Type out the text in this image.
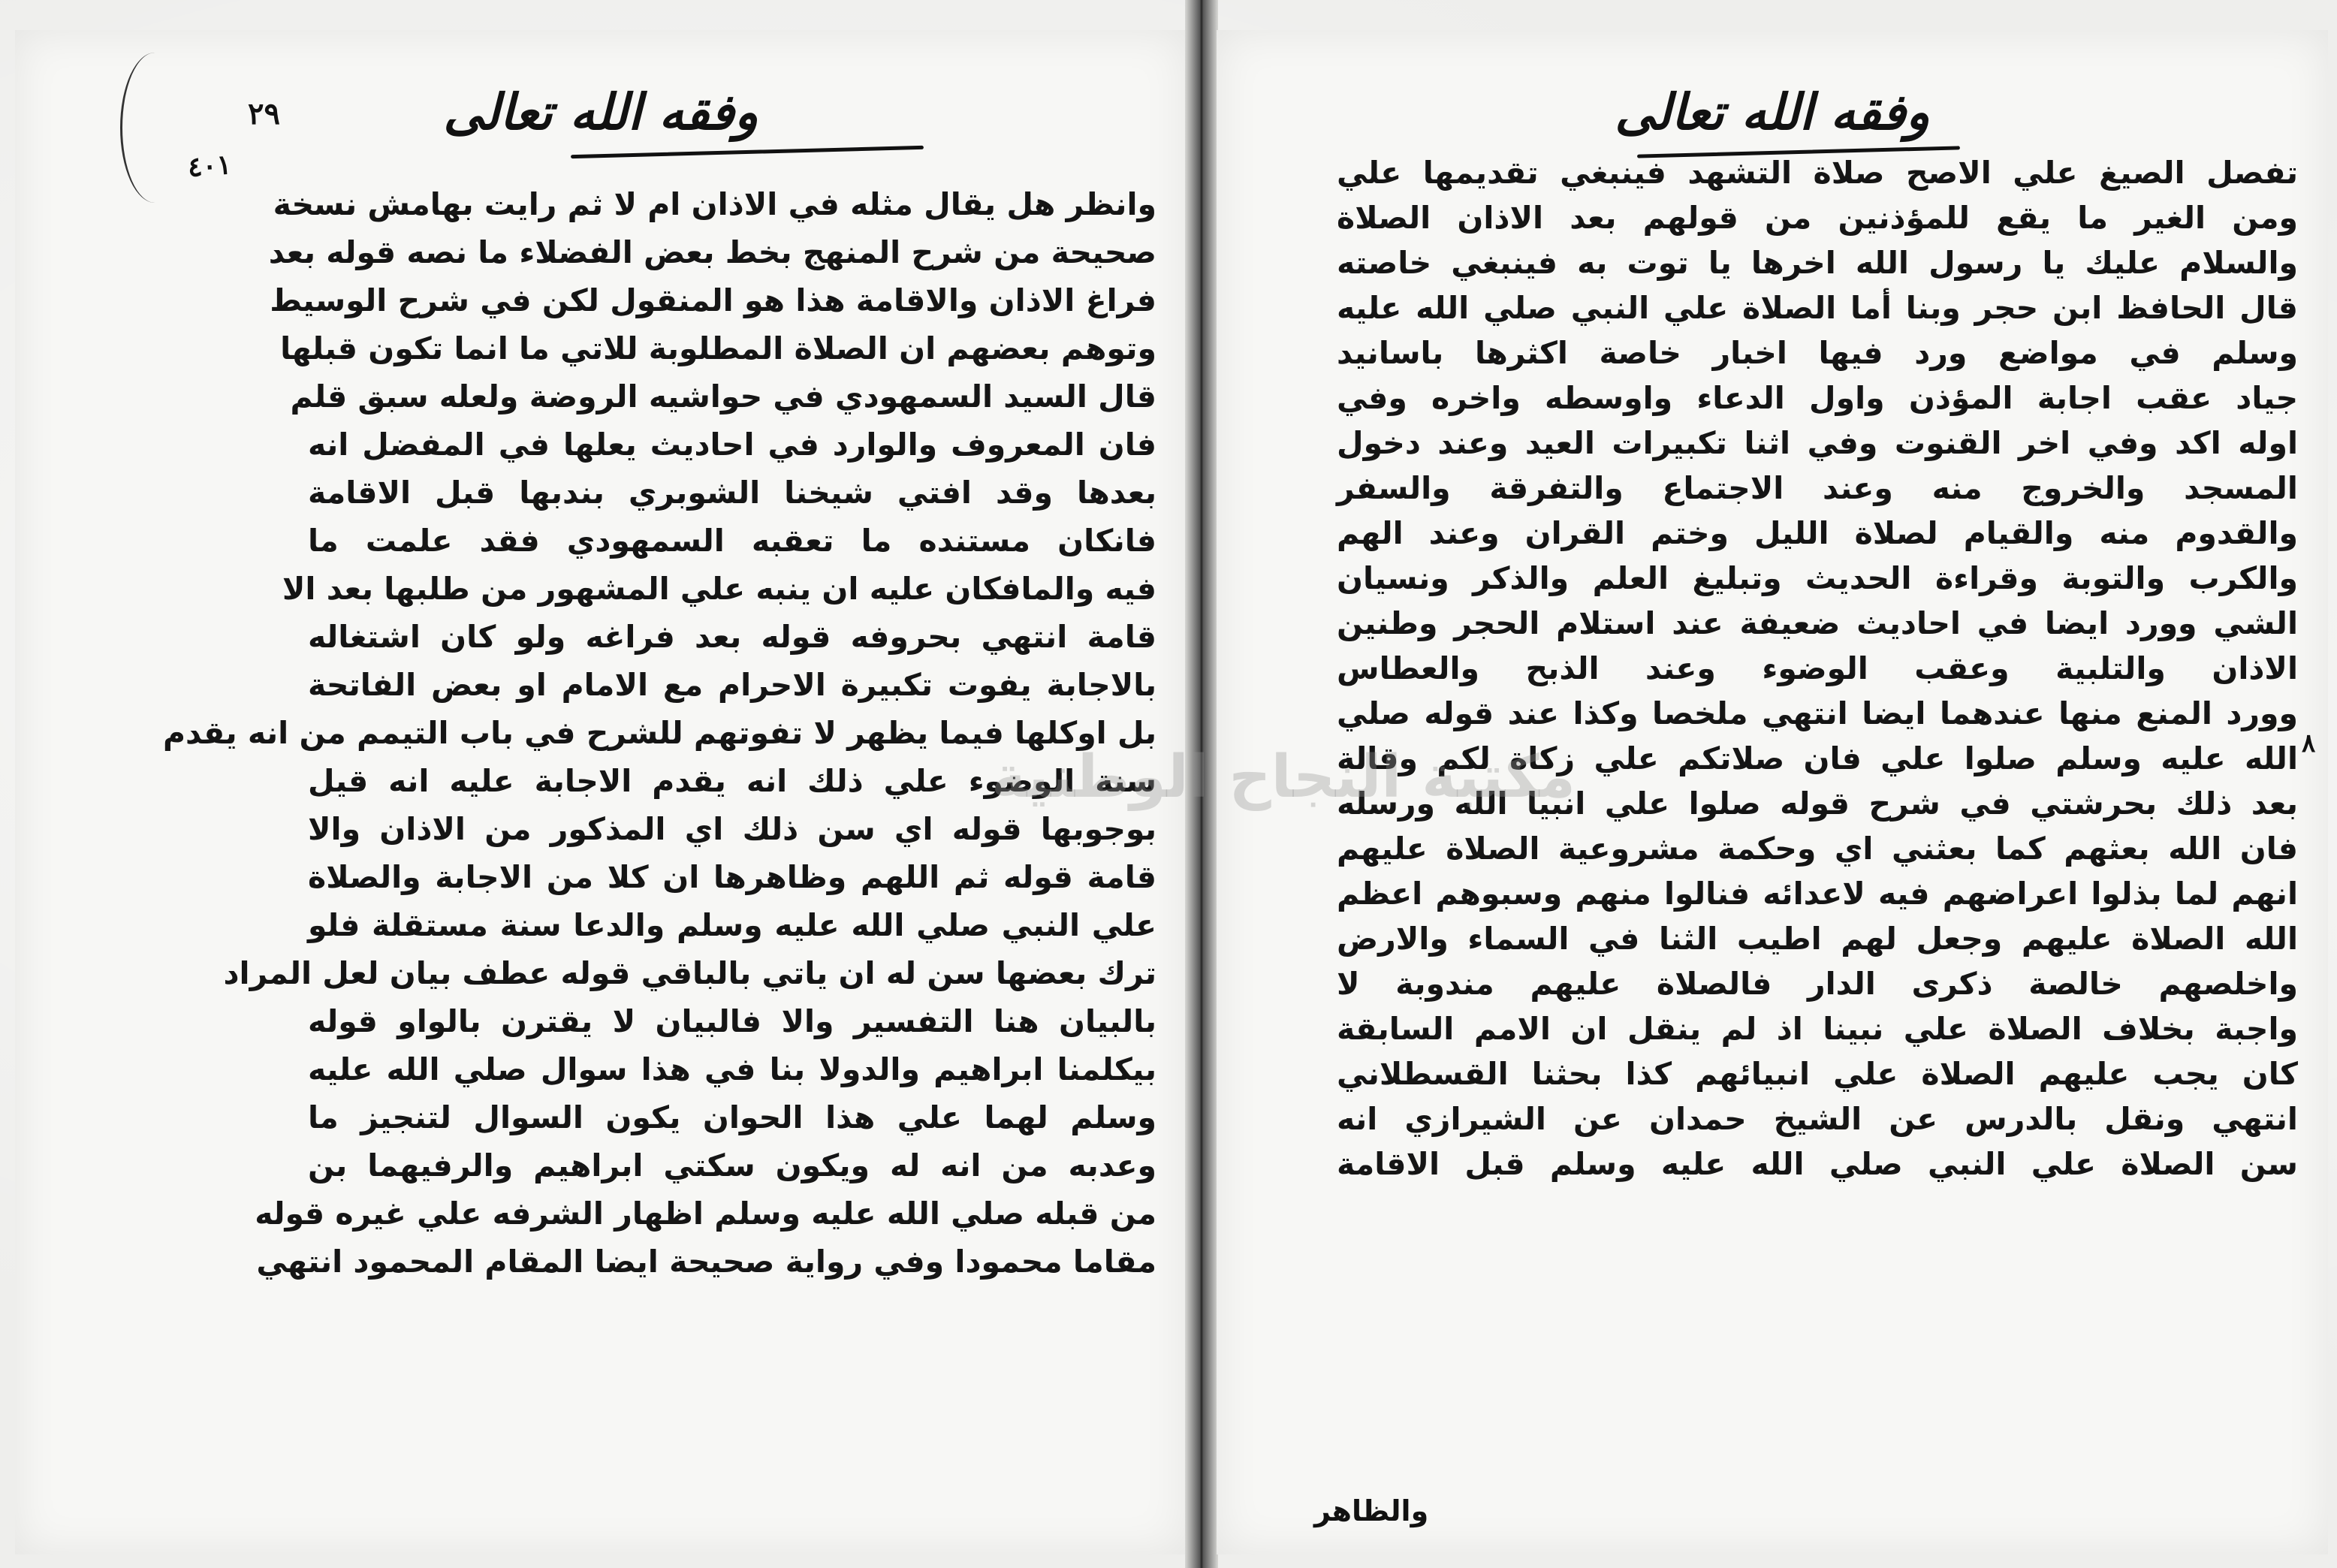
٢٩
٤٠١
وفقه الله تعالى
وانظر هل يقال مثله في الاذان ام لا ثم رايت بهامش نسخة
صحيحة من شرح المنهج بخط بعض الفضلاء ما نصه قوله بعد
فراغ الاذان والاقامة هذا هو المنقول لكن في شرح الوسيط
وتوهم بعضهم ان الصلاة المطلوبة للاتي ما انما تكون قبلها
قال السيد السمهودي في حواشيه الروضة ولعله سبق قلم
فان المعروف والوارد في احاديث يعلها في المفضل انه
بعدها وقد افتي شيخنا الشوبري بندبها قبل الاقامة
فانكان مستنده ما تعقبه السمهودي فقد علمت ما
فيه والمافكان عليه ان ينبه علي المشهور من طلبها بعد الا
قامة انتهي بحروفه قوله بعد فراغه ولو كان اشتغاله
بالاجابة يفوت تكبيرة الاحرام مع الامام او بعض الفاتحة
بل اوكلها فيما يظهر لا تفوتهم للشرح في باب التيمم من انه يقدم
سنة الوضوء علي ذلك انه يقدم الاجابة عليه انه قيل
بوجوبها قوله اي سن ذلك اي المذكور من الاذان والا
قامة قوله ثم اللهم وظاهرها ان كلا من الاجابة والصلاة
علي النبي صلي الله عليه وسلم والدعا سنة مستقلة فلو
ترك بعضها سن له ان ياتي بالباقي قوله عطف بيان لعل المراد
بالبيان هنا التفسير والا فالبيان لا يقترن بالواو قوله
بيكلمنا ابراهيم والدولا بنا في هذا سوال صلي الله عليه
وسلم لهما علي هذا الحوان يكون السوال لتنجيز ما
وعدبه من انه له ويكون سكتي ابراهيم والرفيهما بن
من قبله صلي الله عليه وسلم اظهار الشرفه علي غيره قوله
مقاما محمودا وفي رواية صحيحة ايضا المقام المحمود انتهي
وفقه الله تعالى
تفصل الصيغ علي الاصح صلاة التشهد فينبغي تقديمها علي
ومن الغير ما يقع للمؤذنين من قولهم بعد الاذان الصلاة
والسلام عليك يا رسول الله اخرها يا توت به فينبغي خاصته
قال الحافظ ابن حجر وبنا أما الصلاة علي النبي صلي الله عليه
وسلم في مواضع ورد فيها اخبار خاصة اكثرها باسانيد
جياد عقب اجابة المؤذن واول الدعاء واوسطه واخره وفي
اوله اكد وفي اخر القنوت وفي اثنا تكبيرات العيد وعند دخول
المسجد والخروج منه وعند الاجتماع والتفرقة والسفر
والقدوم منه والقيام لصلاة الليل وختم القران وعند الهم
والكرب والتوبة وقراءة الحديث وتبليغ العلم والذكر ونسيان
الشي وورد ايضا في احاديث ضعيفة عند استلام الحجر وطنين
الاذان والتلبية وعقب الوضوء وعند الذبح والعطاس
وورد المنع منها عندهما ايضا انتهي ملخصا وكذا عند قوله صلي
الله عليه وسلم صلوا علي فان صلاتكم علي زكاة لكم وقالة
بعد ذلك بحرشتي في شرح قوله صلوا علي انبيا الله ورسله
فان الله بعثهم كما بعثني اي وحكمة مشروعية الصلاة عليهم
انهم لما بذلوا اعراضهم فيه لاعدائه فنالوا منهم وسبوهم اعظم
الله الصلاة عليهم وجعل لهم اطيب الثنا في السماء والارض
واخلصهم خالصة ذكرى الدار فالصلاة عليهم مندوبة لا
واجبة بخلاف الصلاة علي نبينا اذ لم ينقل ان الامم السابقة
كان يجب عليهم الصلاة علي انبيائهم كذا بحثنا القسطلاني
انتهي ونقل بالدرس عن الشيخ حمدان عن الشيرازي انه
سن الصلاة علي النبي صلي الله عليه وسلم قبل الاقامة
والظاهر
٨
مكتبة النجاح الوطنية
